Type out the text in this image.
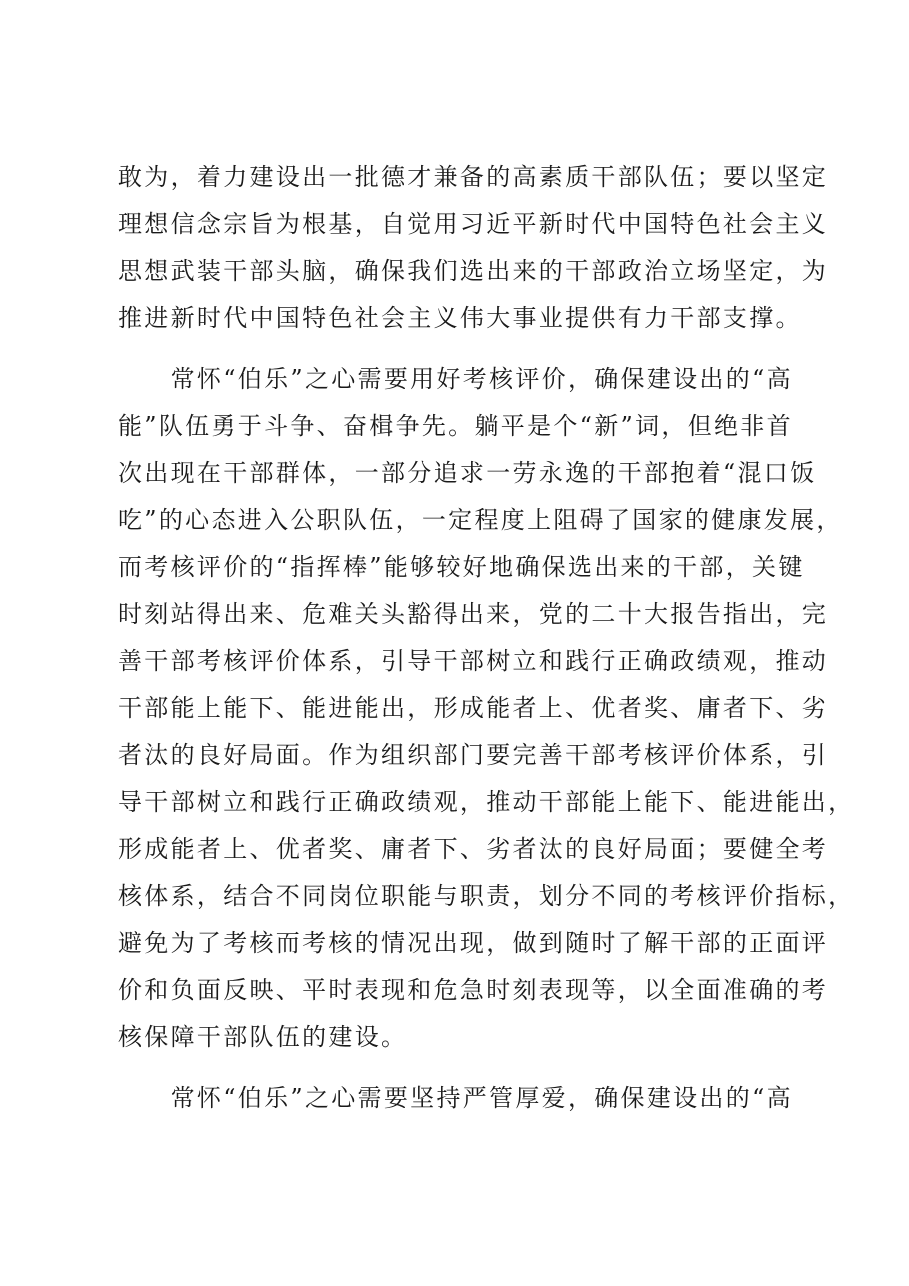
敢为，着力建设出一批德才兼备的高素质干部队伍；要以坚定
理想信念宗旨为根基，自觉用习近平新时代中国特色社会主义
思想武装干部头脑，确保我们选出来的干部政治立场坚定，为
推进新时代中国特色社会主义伟大事业提供有力干部支撑。
　　常怀“伯乐”之心需要用好考核评价，确保建设出的“高
能”队伍勇于斗争、奋楫争先。躺平是个“新”词，但绝非首
次出现在干部群体，一部分追求一劳永逸的干部抱着“混口饭
吃”的心态进入公职队伍，一定程度上阻碍了国家的健康发展，
而考核评价的“指挥棒”能够较好地确保选出来的干部，关键
时刻站得出来、危难关头豁得出来，党的二十大报告指出，完
善干部考核评价体系，引导干部树立和践行正确政绩观，推动
干部能上能下、能进能出，形成能者上、优者奖、庸者下、劣
者汰的良好局面。作为组织部门要完善干部考核评价体系，引
导干部树立和践行正确政绩观，推动干部能上能下、能进能出，
形成能者上、优者奖、庸者下、劣者汰的良好局面；要健全考
核体系，结合不同岗位职能与职责，划分不同的考核评价指标，
避免为了考核而考核的情况出现，做到随时了解干部的正面评
价和负面反映、平时表现和危急时刻表现等，以全面准确的考
核保障干部队伍的建设。
　　常怀“伯乐”之心需要坚持严管厚爱，确保建设出的“高
